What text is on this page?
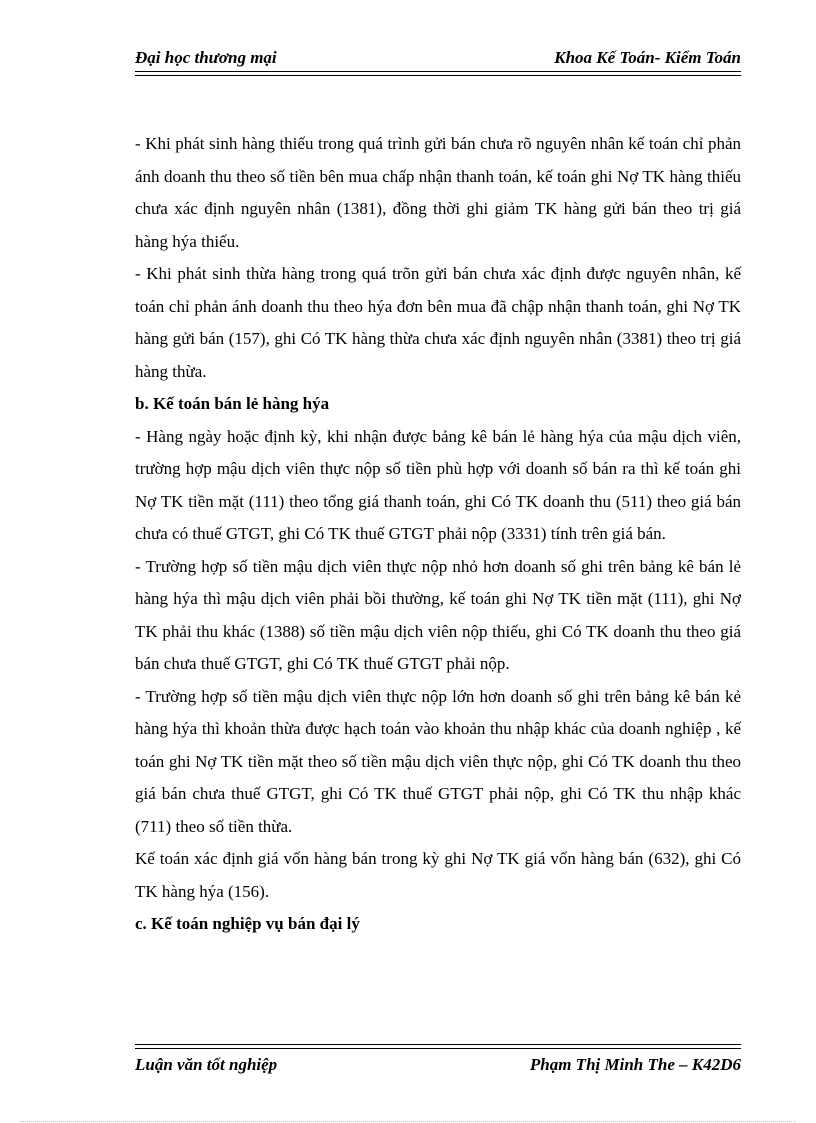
Đại học thương mại	Khoa Kế Toán- Kiểm Toán

- Khi phát sinh hàng thiếu trong quá trình gửi bán chưa rõ nguyên nhân kế toán chỉ phản ánh doanh thu theo số tiền bên mua chấp nhận thanh toán, kế toán ghi Nợ TK hàng thiếu chưa xác định nguyên nhân (1381), đồng thời ghi giảm TK hàng gửi bán theo trị giá hàng hýa thiếu.

- Khi phát sinh thừa hàng trong quá trõn gửi bán chưa xác định được nguyên nhân, kế toán chỉ phản ánh doanh thu theo hýa đơn bên mua đã chập nhận thanh toán, ghi Nợ TK hàng gửi bán (157), ghi Có TK hàng thừa chưa xác định nguyên nhân (3381) theo trị giá hàng thừa.

b. Kế toán bán lẻ hàng hýa

- Hàng ngày hoặc định kỳ, khi nhận được bảng kê bán lẻ hàng hýa của mậu dịch viên, trường hợp mậu dịch viên thực nộp số tiền phù hợp với doanh số bán ra thì kế toán ghi Nợ TK tiền mặt (111) theo tổng giá thanh toán, ghi Có TK doanh thu (511) theo giá bán chưa có thuế GTGT, ghi Có TK thuế GTGT phải nộp (3331) tính trên giá bán.

- Trường hợp số tiền mậu dịch viên thực nộp nhỏ hơn doanh số ghi trên bảng kê bán lẻ hàng hýa thì mậu dịch viên phải bồi thường, kế toán ghi Nợ TK tiền mặt (111), ghi Nợ TK phải thu khác (1388) số tiền mậu dịch viên nộp thiếu, ghi Có TK doanh thu theo giá bán chưa thuế GTGT, ghi Có TK thuế GTGT phải nộp.

- Trường hợp số tiền mậu dịch viên thực nộp lớn hơn doanh số ghi trên bảng kê bán kẻ hàng hýa thì khoản thừa được hạch toán vào khoản thu nhập khác của doanh nghiệp , kế toán ghi Nợ TK tiền mặt theo số tiền mậu dịch viên thực nộp, ghi Có TK doanh thu theo giá bán chưa thuế GTGT, ghi Có TK thuế GTGT phải nộp, ghi Có TK thu nhập khác (711) theo số tiền thừa.

Kế toán xác định giá vốn hàng bán trong kỳ ghi Nợ TK giá vốn hàng bán (632), ghi Có TK hàng hýa (156).

c. Kế toán nghiệp vụ bán đại lý

Luận văn tốt nghiệp	Phạm Thị Minh The – K42D6
